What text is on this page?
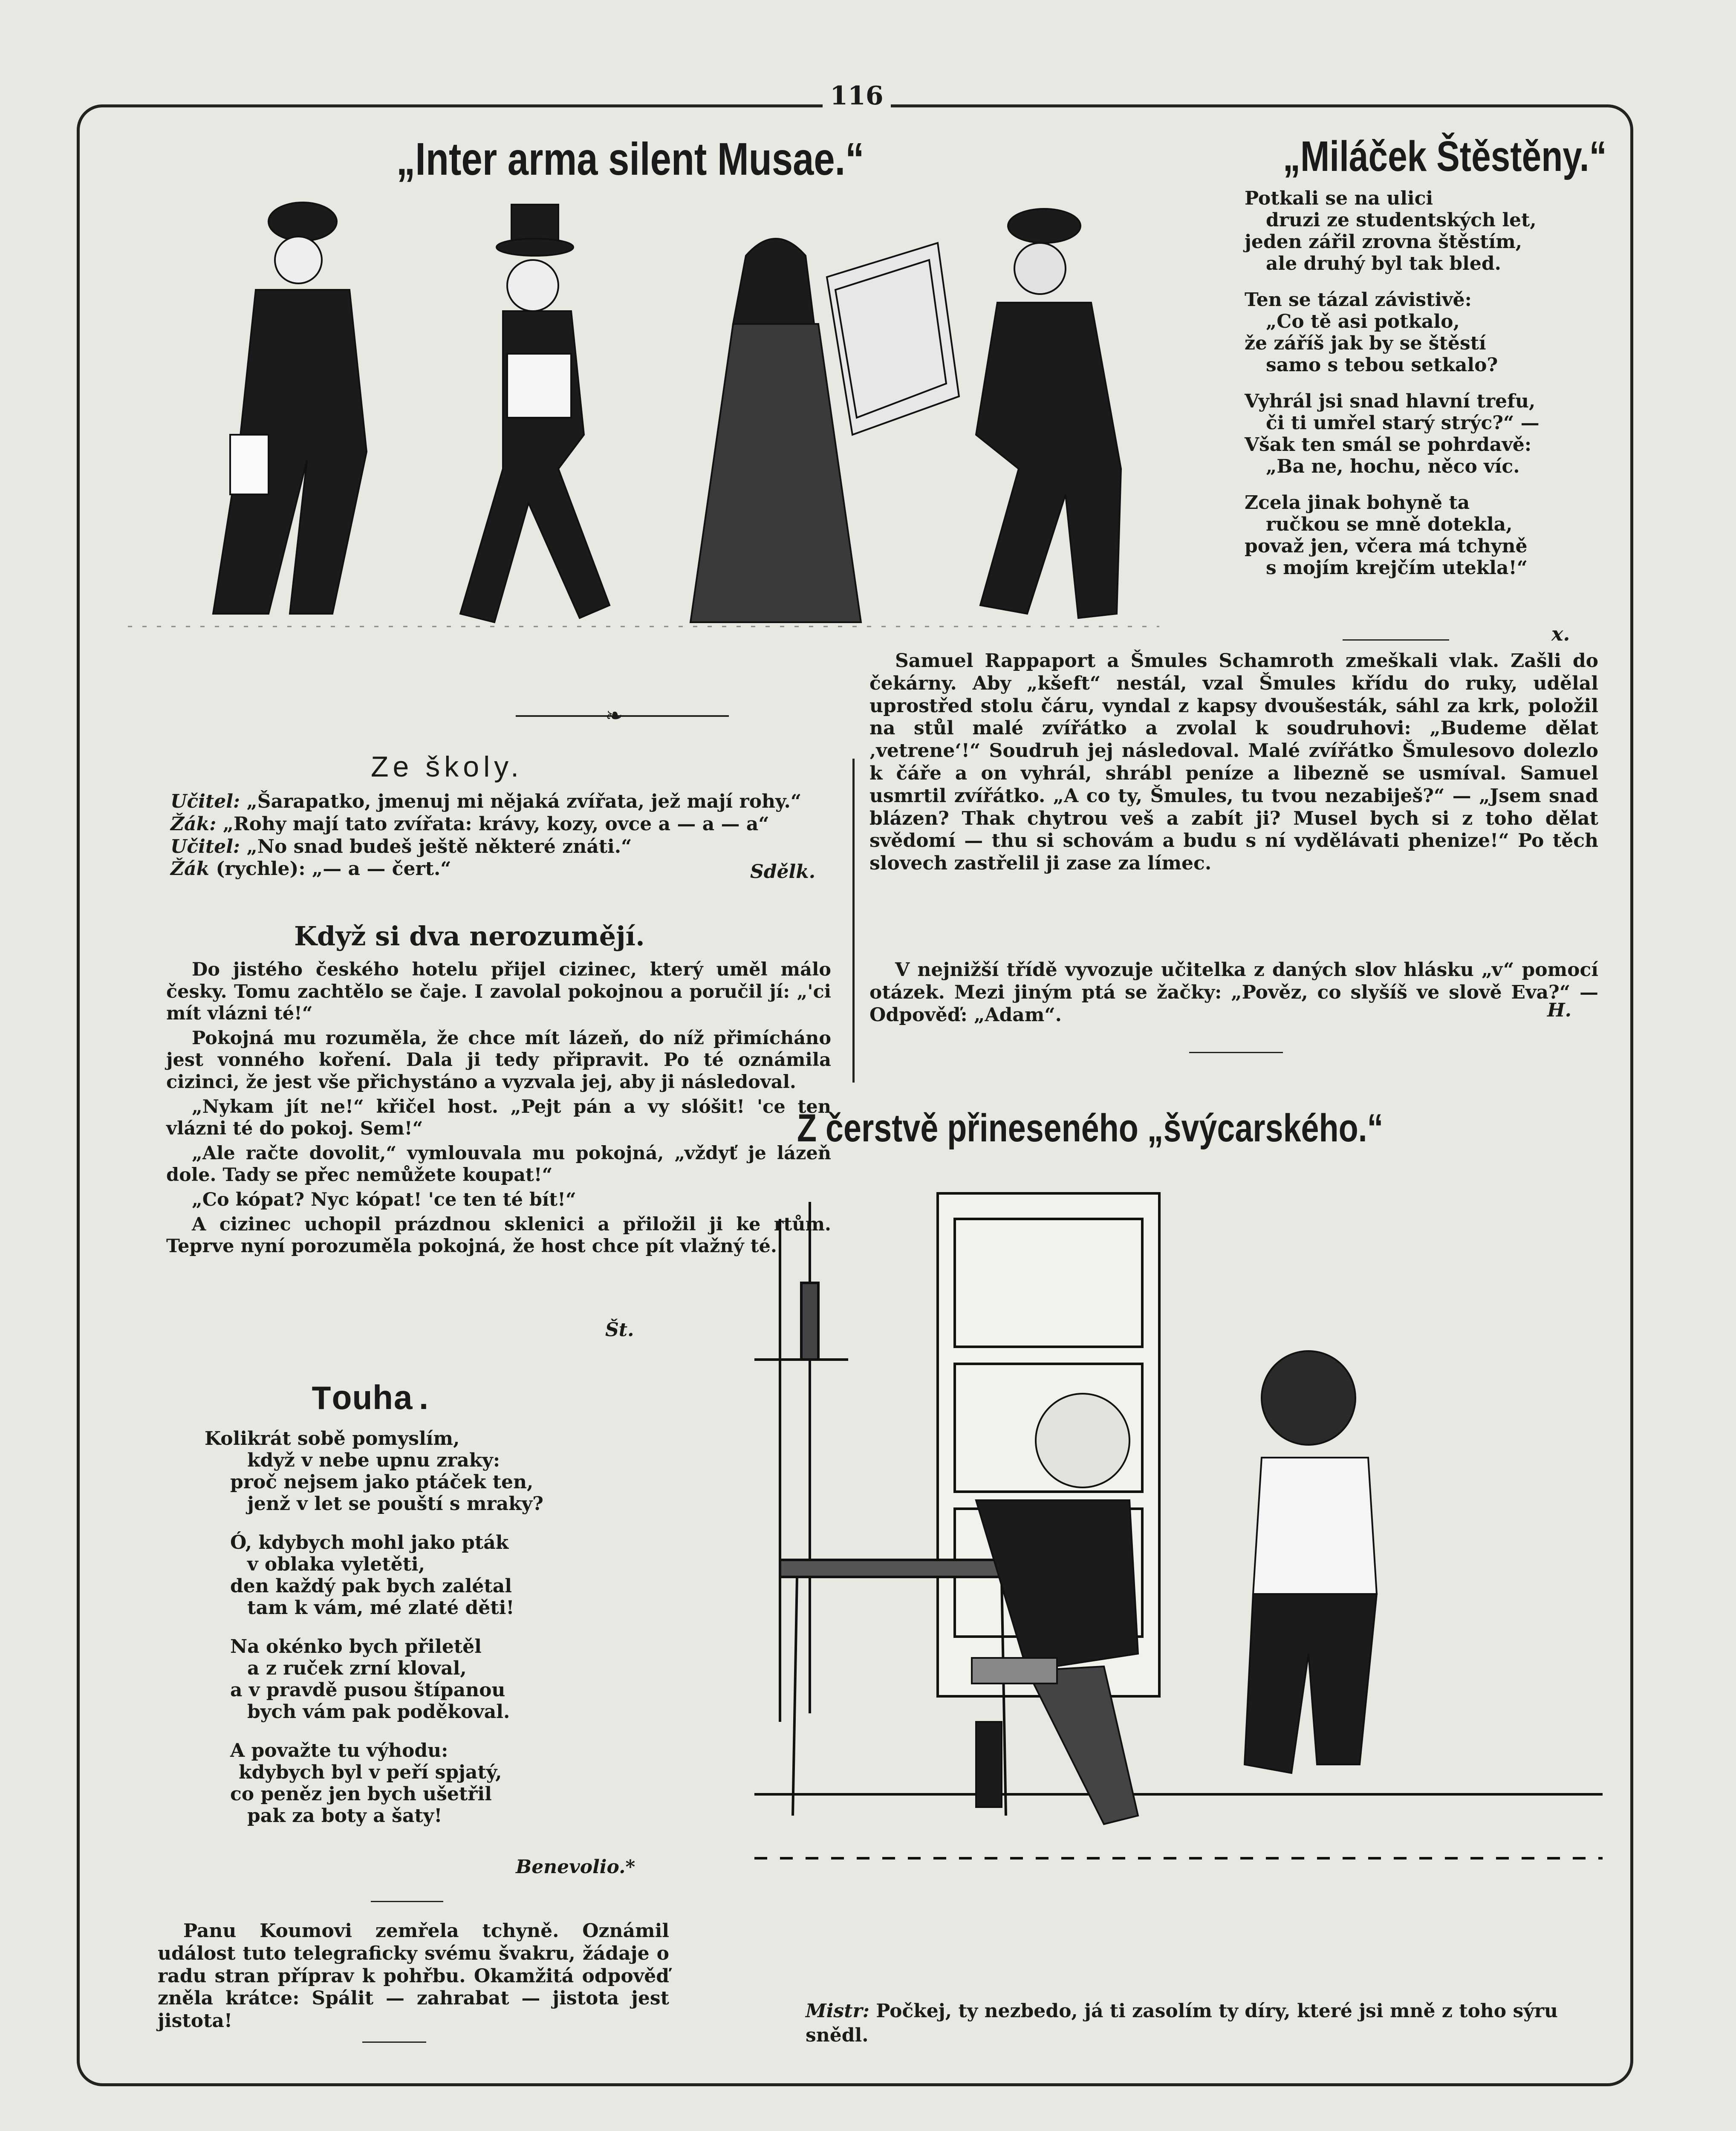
116
„Inter arma silent Musae.“
❧
„Miláček Štěstěny.“
Potkali se na ulici
druzi ze studentských let,
jeden zářil zrovna štěstím,
ale druhý byl tak bled.
Ten se tázal závistivě:
„Co tě asi potkalo,
že záříš jak by se štěstí
samo s tebou setkalo?
Vyhrál jsi snad hlavní trefu,
či ti umřel starý strýc?“ —
Však ten smál se pohrdavě:
„Ba ne, hochu, něco víc.
Zcela jinak bohyně ta
ručkou se mně dotekla,
považ jen, včera má tchyně
s mojím krejčím utekla!“
x.

Samuel Rappaport a Šmules Schamroth zmeškali vlak. Zašli do čekárny. Aby „kšeft“ nestál, vzal Šmules křídu do ruky, udělal uprostřed stolu čáru, vyndal z kapsy dvoušesták, sáhl za krk, položil na stůl malé zvířátko a zvolal k soudruhovi: „Budeme dělat ‚vetrene‘!“ Soudruh jej následoval. Malé zvířátko Šmulesovo dolezlo k čáře a on vyhrál, shrábl peníze a libezně se usmíval. Samuel usmrtil zvířátko. „A co ty, Šmules, tu tvou nezabiješ?“ — „Jsem snad blázen? Thak chytrou veš a zabít ji? Musel bych si z toho dělat svědomí — thu si schovám a budu s ní vydělávati phenize!“ Po těch slovech zastřelil ji zase za límec.

V nejnižší třídě vyvozuje učitelka z daných slov hlásku „v“ pomocí otázek. Mezi jiným ptá se žačky: „Pověz, co slyšíš ve slově Eva?“ — Odpověď: „Adam“.	H.
Ze školy.
Učitel: „Šarapatko, jmenuj mi nějaká zvířata, jež mají rohy.“
Žák: „Rohy mají tato zvířata: krávy, kozy, ovce a — a — a“
Učitel: „No snad budeš ještě některé znáti.“
Žák (rychle): „— a — čert.“	Sdělk.
Když si dva nerozumějí.

Do jistého českého hotelu přijel cizinec, který uměl málo česky. Tomu zachtělo se čaje. I zavolal pokojnou a poručil jí: „'ci mít vlázni té!“

Pokojná mu rozuměla, že chce mít lázeň, do níž přimícháno jest vonného koření. Dala ji tedy připravit. Po té oznámila cizinci, že jest vše přichystáno a vyzvala jej, aby ji následoval.

„Nykam jít ne!“ křičel host. „Pejt pán a vy slóšit! 'ce ten vlázni té do pokoj. Sem!“

„Ale račte dovolit,“ vymlouvala mu pokojná, „vždyť je lázeň dole. Tady se přec nemůžete koupat!“

„Co kópat? Nyc kópat! 'ce ten té bít!“

A cizinec uchopil prázdnou sklenici a přiložil ji ke rtům. Teprve nyní porozuměla pokojná, že host chce pít vlažný té.

Št.
Touha.
Kolikrát sobě pomyslím,
když v nebe upnu zraky:
proč nejsem jako ptáček ten,
jenž v let se pouští s mraky?
Ó, kdybych mohl jako pták
v oblaka vyletěti,
den každý pak bych zalétal
tam k vám, mé zlaté děti!
Na okénko bych přiletěl
a z ruček zrní kloval,
a v pravdě pusou štípanou
bych vám pak poděkoval.
A považte tu výhodu:
kdybych byl v peří spjatý,
co peněz jen bych ušetřil
pak za boty a šaty!
Benevolio.*

Panu Koumovi zemřela tchyně. Oznámil událost tuto telegraficky svému švakru, žádaje o radu stran příprav k pohřbu. Okamžitá odpověď zněla krátce: Spálit — zahrabat — jistota jest jistota!

Z čerstvě přineseného „švýcarského.“
Mistr: Počkej, ty nezbedo, já ti zasolím ty díry, které jsi mně z toho sýru snědl.
